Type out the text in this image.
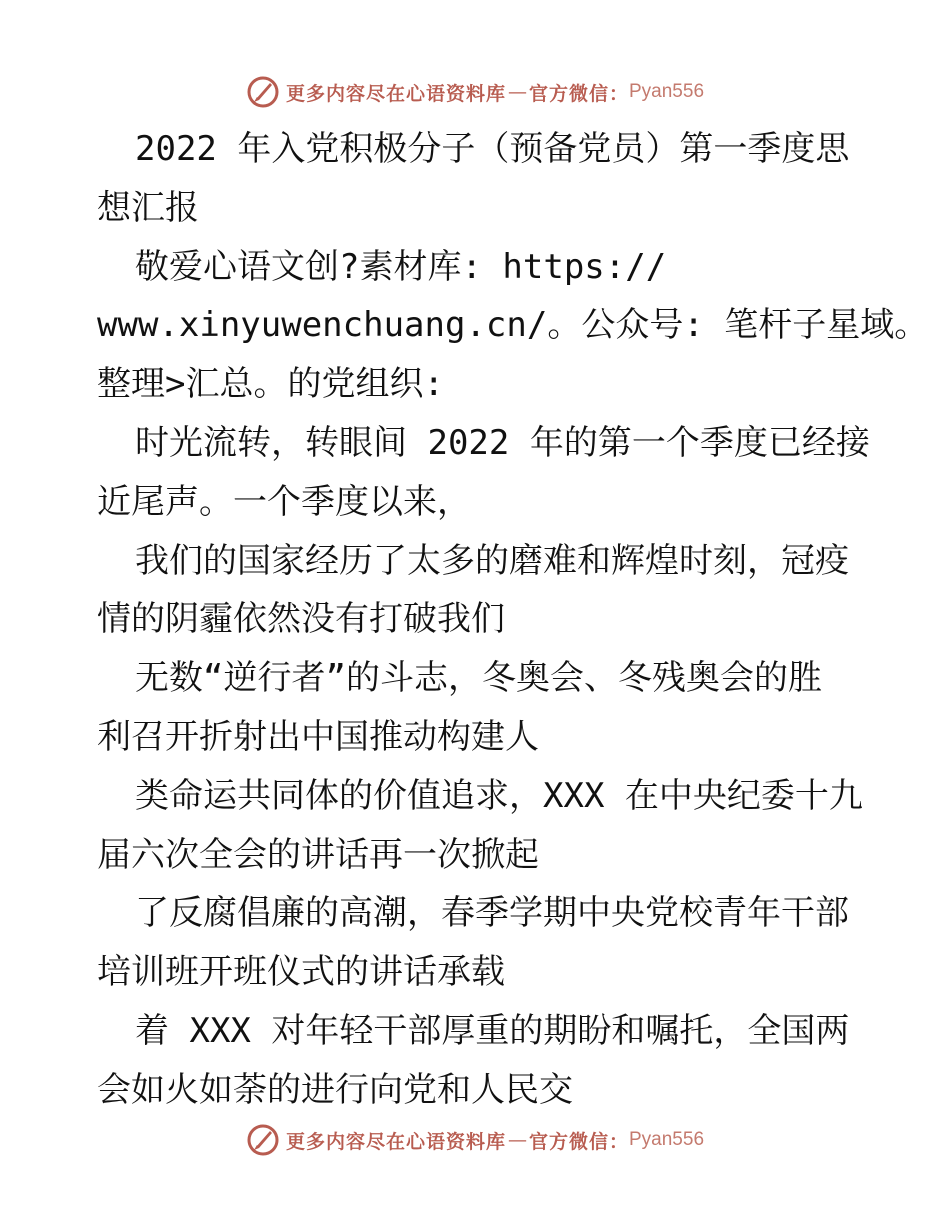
更多内容尽在心语资料库 — 官方微信： Pyan556
2022 年入党积极分子（预备党员）第一季度思
想汇报
敬爱心语文创?素材库: https://
www.xinyuwenchuang.cn/。公众号: 笔杆子星域。
整理>汇总。的党组织:
时光流转，转眼间 2022 年的第一个季度已经接
近尾声。一个季度以来，
我们的国家经历了太多的磨难和辉煌时刻，冠疫
情的阴霾依然没有打破我们
无数“逆行者”的斗志，冬奥会、冬残奥会的胜
利召开折射出中国推动构建人
类命运共同体的价值追求，XXX 在中央纪委十九
届六次全会的讲话再一次掀起
了反腐倡廉的高潮，春季学期中央党校青年干部
培训班开班仪式的讲话承载
着 XXX 对年轻干部厚重的期盼和嘱托，全国两
会如火如荼的进行向党和人民交
更多内容尽在心语资料库 — 官方微信： Pyan556
